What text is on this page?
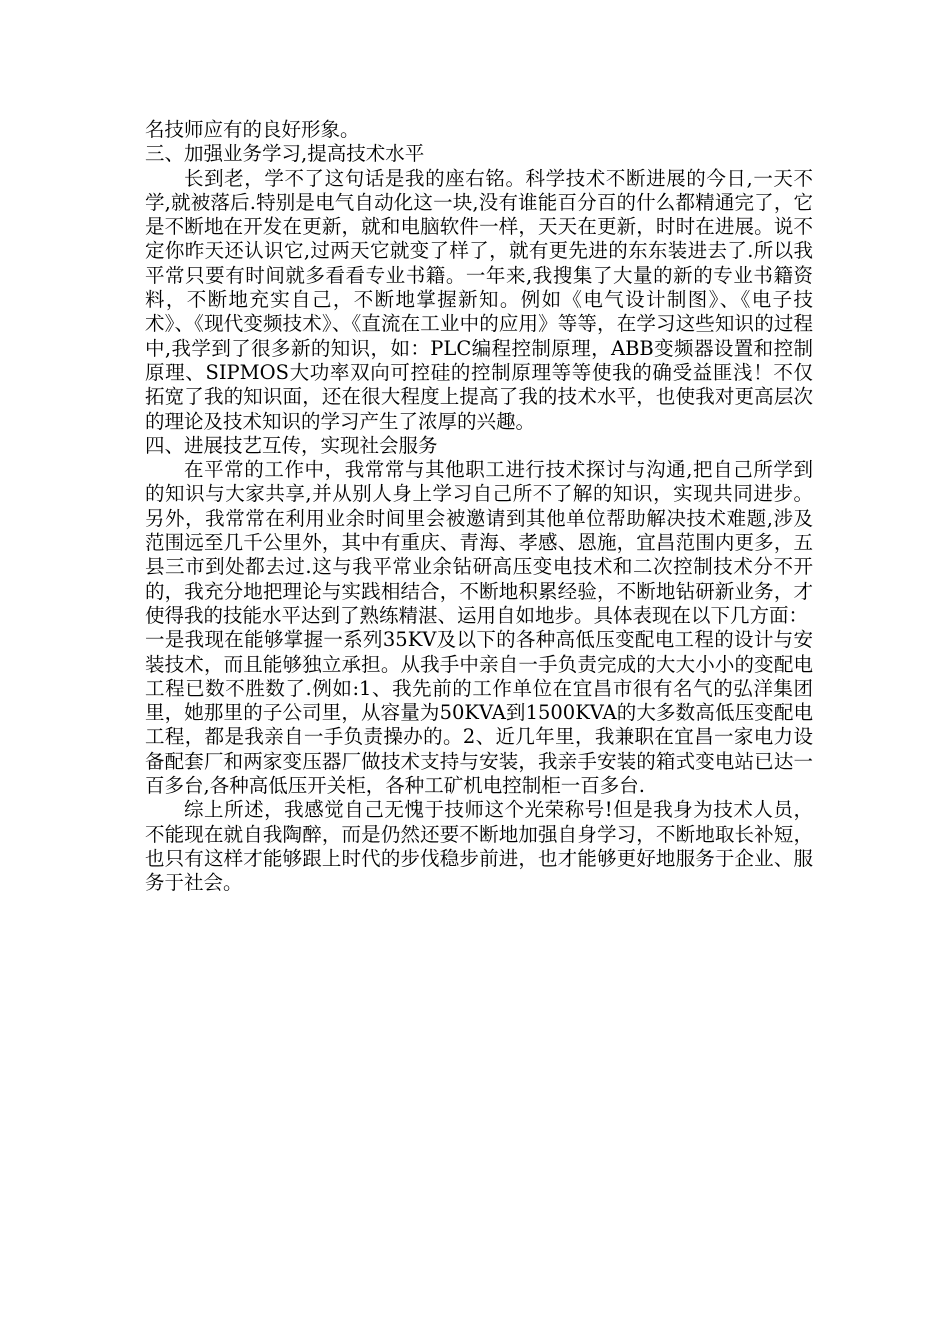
名技师应有的良好形象。

三、加强业务学习,提高技术水平

长到老，学不了这句话是我的座右铭。科学技术不断进展的今日,一天不学,就被落后.特别是电气自动化这一块,没有谁能百分百的什么都精通完了，它是不断地在开发在更新，就和电脑软件一样，天天在更新，时时在进展。说不定你昨天还认识它,过两天它就变了样了，就有更先进的东东装进去了.所以我平常只要有时间就多看看专业书籍。一年来,我搜集了大量的新的专业书籍资料，不断地充实自己，不断地掌握新知。例如《电气设计制图》、《电子技术》、《现代变频技术》、《直流在工业中的应用》等等，在学习这些知识的过程中,我学到了很多新的知识，如：PLC编程控制原理，ABB变频器设置和控制原理、SIPMOS大功率双向可控硅的控制原理等等使我的确受益匪浅！不仅拓宽了我的知识面，还在很大程度上提高了我的技术水平，也使我对更高层次的理论及技术知识的学习产生了浓厚的兴趣。

四、进展技艺互传，实现社会服务

在平常的工作中，我常常与其他职工进行技术探讨与沟通,把自己所学到的知识与大家共享,并从别人身上学习自己所不了解的知识，实现共同进步。另外，我常常在利用业余时间里会被邀请到其他单位帮助解决技术难题,涉及范围远至几千公里外，其中有重庆、青海、孝感、恩施，宜昌范围内更多，五县三市到处都去过.这与我平常业余钻研高压变电技术和二次控制技术分不开的，我充分地把理论与实践相结合，不断地积累经验，不断地钻研新业务，才使得我的技能水平达到了熟练精湛、运用自如地步。具体表现在以下几方面：

一是我现在能够掌握一系列35KV及以下的各种高低压变配电工程的设计与安装技术，而且能够独立承担。从我手中亲自一手负责完成的大大小小的变配电工程已数不胜数了.例如:1、我先前的工作单位在宜昌市很有名气的弘洋集团里，她那里的子公司里，从容量为50KVA到1500KVA的大多数高低压变配电工程，都是我亲自一手负责操办的。2、近几年里，我兼职在宜昌一家电力设备配套厂和两家变压器厂做技术支持与安装，我亲手安装的箱式变电站已达一百多台,各种高低压开关柜，各种工矿机电控制柜一百多台.

综上所述，我感觉自己无愧于技师这个光荣称号!但是我身为技术人员，不能现在就自我陶醉，而是仍然还要不断地加强自身学习，不断地取长补短，也只有这样才能够跟上时代的步伐稳步前进，也才能够更好地服务于企业、服务于社会。
